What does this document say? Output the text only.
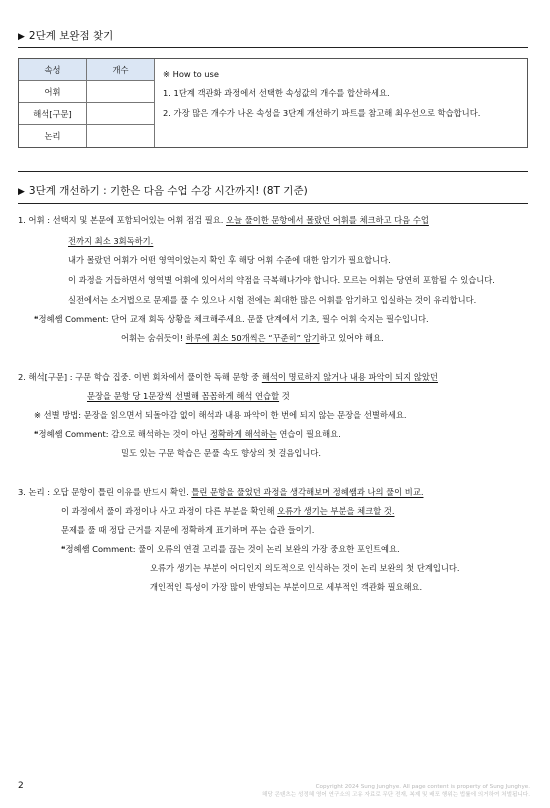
▶ 2단계 보완점 찾기
속성	개수
어휘
해석[구문]
논리
※ How to use
1. 1단계 객관화 과정에서 선택한 속성값의 개수를 합산하세요.
2. 가장 많은 개수가 나온 속성을 3단계 개선하기 파트를 참고해 최우선으로 학습합니다.
▶ 3단계 개선하기 : 기한은 다음 수업 수강 시간까지! (8T 기준)
1. 어휘 : 선택지 및 본문에 포함되어있는 어휘 점검 필요. 오늘 풀이한 문항에서 몰랐던 어휘를 체크하고 다음 수업
전까지 최소 3회독하기.
내가 몰랐던 어휘가 어떤 영역이었는지 확인 후 해당 어휘 수준에 대한 암기가 필요합니다.
이 과정을 거듭하면서 영역별 어휘에 있어서의 약점을 극복해나가야 합니다. 모르는 어휘는 당연히 포함될 수 있습니다.
실전에서는 소거법으로 문제를 풀 수 있으나 시험 전에는 최대한 많은 어휘를 암기하고 입실하는 것이 유리합니다.
❝정혜쌤 Comment: 단어 교재 회독 상황을 체크해주세요. 문풀 단계에서 기초, 필수 어휘 숙지는 필수입니다.
어휘는 숨쉬듯이! 하루에 최소 50개씩은 “꾸준히” 암기하고 있어야 해요.
2. 해석[구문] : 구문 학습 집중. 이번 회차에서 풀이한 독해 문항 중 해석이 명료하지 않거나 내용 파악이 되지 않았던
문장을 문항 당 1문장씩 선별해 꼼꼼하게 해석 연습할 것
※ 선별 방법: 문장을 읽으면서 되돌아감 없이 해석과 내용 파악이 한 번에 되지 않는 문장을 선별하세요.
❝정혜쌤 Comment: 감으로 해석하는 것이 아닌 정확하게 해석하는 연습이 필요해요.
밀도 있는 구문 학습은 문풀 속도 향상의 첫 걸음입니다.
3. 논리 : 오답 문항이 틀린 이유를 반드시 확인. 틀린 문항을 풀었던 과정을 생각해보며 정혜쌤과 나의 풀이 비교.
이 과정에서 풀이 과정이나 사고 과정이 다른 부분을 확인해 오류가 생기는 부분을 체크할 것.
문제를 풀 때 정답 근거를 지문에 정확하게 표기하며 푸는 습관 들이기.
❝정혜쌤 Comment: 풀이 오류의 연결 고리를 끊는 것이 논리 보완의 가장 중요한 포인트예요.
오류가 생기는 부분이 어디인지 의도적으로 인식하는 것이 논리 보완의 첫 단계입니다.
개인적인 특성이 가장 많이 반영되는 부분이므로 세부적인 객관화 필요해요.
2	Copyright 2024 Sung Junghye. All page content is property of Sung Junghye.
해당 콘텐츠는 성정혜 영어 연구소의 고유 자료로 무단 전재, 복제 및 배포 행위는 법률에 의거하여 처벌됩니다.
